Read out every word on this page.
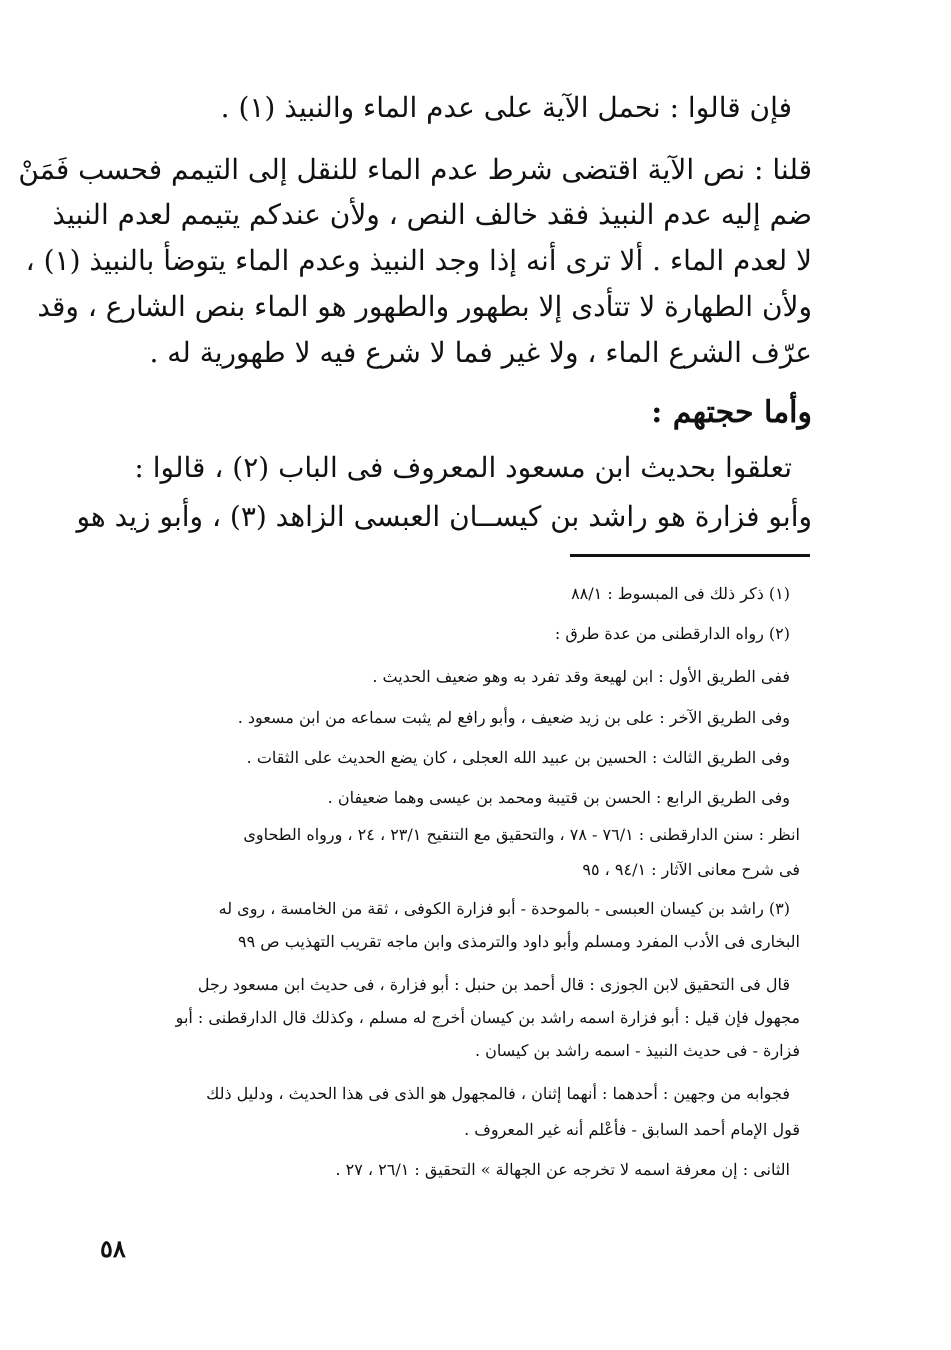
فإن قالوا : نحمل الآية على عدم الماء والنبيذ (١) .
قلنا : نص الآية اقتضى شرط عدم الماء للنقل إلى التيمم فحسب فَمَنْ
ضم إليه عدم النبيذ فقد خالف النص ، ولأن عندكم يتيمم لعدم النبيذ
لا لعدم الماء . ألا ترى أنه إذا وجد النبيذ وعدم الماء يتوضأ بالنبيذ (١) ،
ولأن الطهارة لا تتأدى إلا بطهور والطهور هو الماء بنص الشارع ، وقد
عرّف الشرع الماء ، ولا غير فما لا شرع فيه لا طهورية له .
وأما حجتهم :
تعلقوا بحديث ابن مسعود المعروف فى الباب (٢) ، قالوا :
وأبو فزارة هو راشد بن كيســان العبسى الزاهد (٣) ، وأبو زيد هو
(١) ذكر ذلك فى المبسوط : ٨٨/١
(٢) رواه الدارقطنى من عدة طرق :
ففى الطريق الأول : ابن لهيعة وقد تفرد به وهو ضعيف الحديث .
وفى الطريق الآخر : على بن زيد ضعيف ، وأبو رافع لم يثبت سماعه من ابن مسعود .
وفى الطريق الثالث : الحسين بن عبيد الله العجلى ، كان يضع الحديث على الثقات .
وفى الطريق الرابع : الحسن بن قتيبة ومحمد بن عيسى وهما ضعيفان .
انظر : سنن الدارقطنى : ٧٦/١ - ٧٨ ، والتحقيق مع التنقيح ٢٣/١ ، ٢٤ ، ورواه الطحاوى
فى شرح معانى الآثار : ٩٤/١ ، ٩٥
(٣) راشد بن كيسان العبسى - بالموحدة - أبو فزارة الكوفى ، ثقة من الخامسة ، روى له
البخارى فى الأدب المفرد ومسلم وأبو داود والترمذى وابن ماجه تقريب التهذيب ص ٩٩
قال فى التحقيق لابن الجوزى : قال أحمد بن حنبل : أبو فزارة ، فى حديث ابن مسعود رجل
مجهول فإن قيل : أبو فزارة اسمه راشد بن كيسان أخرج له مسلم ، وكذلك قال الدارقطنى : أبو
فزارة - فى حديث النبيذ - اسمه راشد بن كيسان .
فجوابه من وجهين : أحدهما : أنهما إثنان ، فالمجهول هو الذى فى هذا الحديث ، ودليل ذلك
قول الإمام أحمد السابق - فأعْلم أنه غير المعروف .
الثانى : إن معرفة اسمه لا تخرجه عن الجهالة » التحقيق : ٢٦/١ ، ٢٧ .
٥٨
